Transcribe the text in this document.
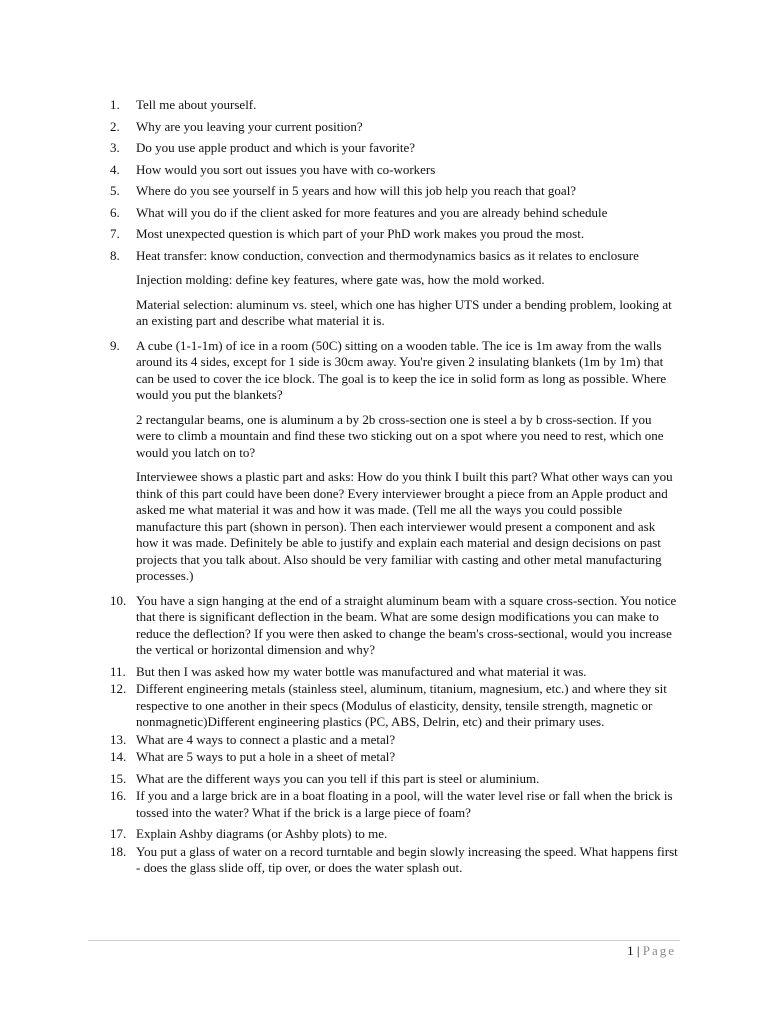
1.	Tell me about yourself.
2.	Why are you leaving your current position?
3.	Do you use apple product and which is your favorite?
4.	How would you sort out issues you have with co-workers
5.	Where do you see yourself in 5 years and how will this job help you reach that goal?
6.	What will you do if the client asked for more features and you are already behind schedule
7.	Most unexpected question is which part of your PhD work makes you proud the most.
8.	Heat transfer: know conduction, convection and thermodynamics basics as it relates to enclosure
Injection molding: define key features, where gate was, how the mold worked.
Material selection: aluminum vs. steel, which one has higher UTS under a bending problem, looking at an existing part and describe what material it is.
9.	A cube (1-1-1m) of ice in a room (50C) sitting on a wooden table. The ice is 1m away from the walls around its 4 sides, except for 1 side is 30cm away. You're given 2 insulating blankets (1m by 1m) that can be used to cover the ice block. The goal is to keep the ice in solid form as long as possible. Where would you put the blankets?
2 rectangular beams, one is aluminum a by 2b cross-section one is steel a by b cross-section. If you were to climb a mountain and find these two sticking out on a spot where you need to rest, which one would you latch on to?
Interviewee shows a plastic part and asks: How do you think I built this part? What other ways can you think of this part could have been done? Every interviewer brought a piece from an Apple product and asked me what material it was and how it was made. (Tell me all the ways you could possible manufacture this part (shown in person). Then each interviewer would present a component and ask how it was made. Definitely be able to justify and explain each material and design decisions on past projects that you talk about. Also should be very familiar with casting and other metal manufacturing processes.)
10. You have a sign hanging at the end of a straight aluminum beam with a square cross-section. You notice that there is significant deflection in the beam. What are some design modifications you can make to reduce the deflection? If you were then asked to change the beam's cross-sectional, would you increase the vertical or horizontal dimension and why?
11. But then I was asked how my water bottle was manufactured and what material it was.
12. Different engineering metals (stainless steel, aluminum, titanium, magnesium, etc.) and where they sit respective to one another in their specs (Modulus of elasticity, density, tensile strength, magnetic or nonmagnetic)Different engineering plastics (PC, ABS, Delrin, etc) and their primary uses.
13. What are 4 ways to connect a plastic and a metal?
14. What are 5 ways to put a hole in a sheet of metal?
15. What are the different ways you can you tell if this part is steel or aluminium.
16. If you and a large brick are in a boat floating in a pool, will the water level rise or fall when the brick is tossed into the water? What if the brick is a large piece of foam?
17. Explain Ashby diagrams (or Ashby plots) to me.
18. You put a glass of water on a record turntable and begin slowly increasing the speed. What happens first - does the glass slide off, tip over, or does the water splash out.
1 | Page
